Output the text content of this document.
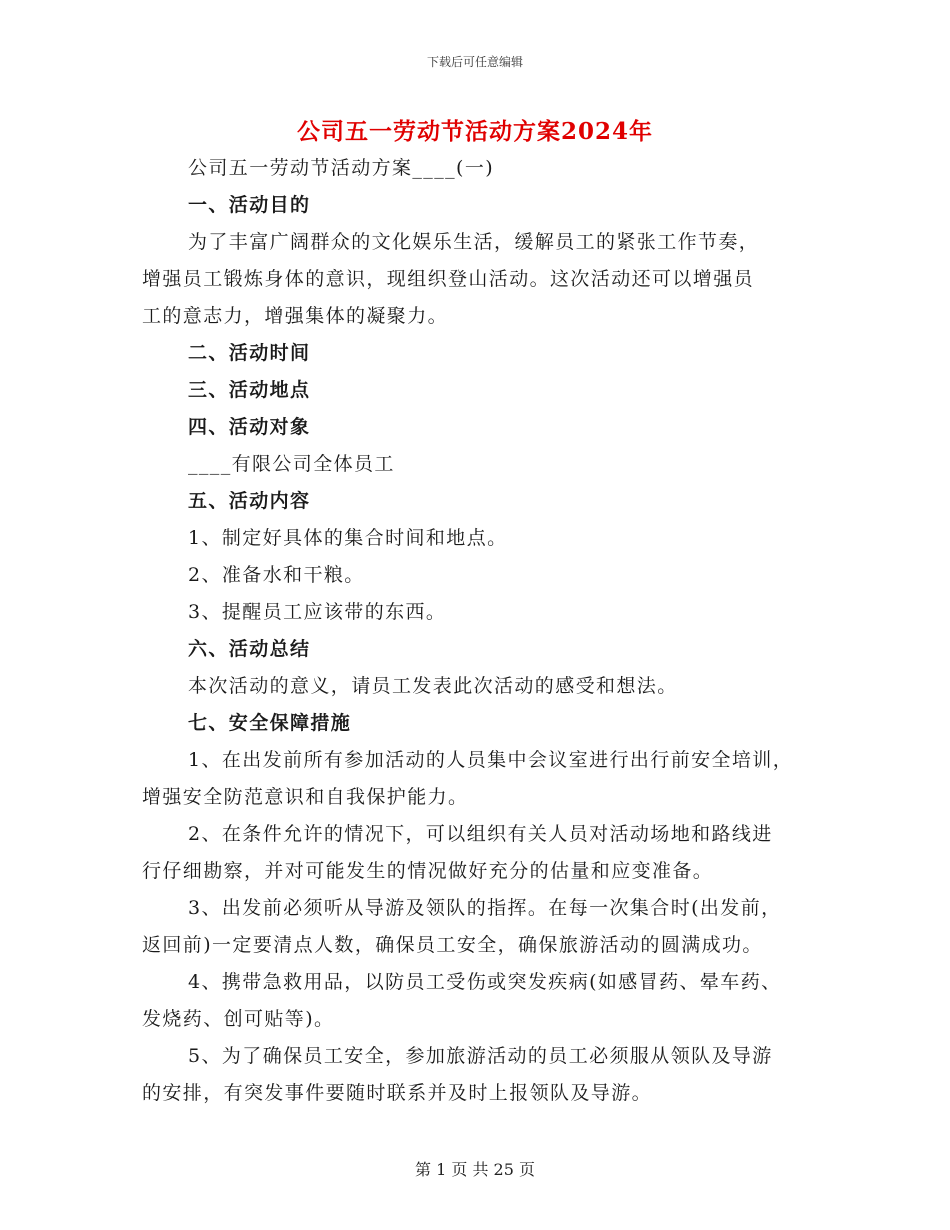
下载后可任意编辑
公司五一劳动节活动方案2024年
公司五一劳动节活动方案____(一)
一、活动目的
为了丰富广阔群众的文化娱乐生活，缓解员工的紧张工作节奏，
增强员工锻炼身体的意识，现组织登山活动。这次活动还可以增强员
工的意志力，增强集体的凝聚力。
二、活动时间
三、活动地点
四、活动对象
____有限公司全体员工
五、活动内容
1、制定好具体的集合时间和地点。
2、准备水和干粮。
3、提醒员工应该带的东西。
六、活动总结
本次活动的意义，请员工发表此次活动的感受和想法。
七、安全保障措施
1、在出发前所有参加活动的人员集中会议室进行出行前安全培训，
增强安全防范意识和自我保护能力。
2、在条件允许的情况下，可以组织有关人员对活动场地和路线进
行仔细勘察，并对可能发生的情况做好充分的估量和应变准备。
3、出发前必须听从导游及领队的指挥。在每一次集合时(出发前，
返回前)一定要清点人数，确保员工安全，确保旅游活动的圆满成功。
4、携带急救用品，以防员工受伤或突发疾病(如感冒药、晕车药、
发烧药、创可贴等)。
5、为了确保员工安全，参加旅游活动的员工必须服从领队及导游
的安排，有突发事件要随时联系并及时上报领队及导游。
第 1 页 共 25 页
